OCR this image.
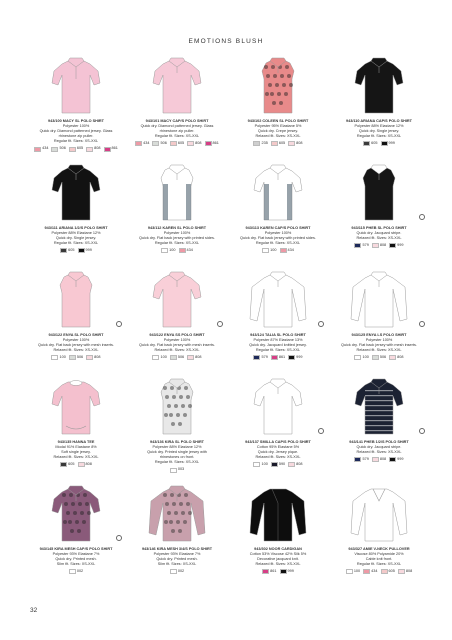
EMOTIONS BLUSH
943/100 MACY SL POLO SHIRT
Polyester 100%
Quick dry. Diamond patterned jersey. Glass
rhinestone zip puller.
Regular fit. Sizes: XS-XXL
434	506	605	808	861
943/101 MACY CAP/S POLO SHIRT
Quick dry. Diamond patterned jersey. Glass
rhinestone zip puller.
Regular fit. Sizes: XS-XXL
434	506	605	808	861
943/102 COLEEN SL POLO SHIRT
Polyester 95% Elastane 5%
Quick dry. Crepe jersey.
Relaxed fit. Sizes: XS-XXL
235	605	808
943/110 ARIANA CAP/S POLO SHIRT
Polyester 88% Elastane 12%
Quick dry. Single jersey.
Regular fit. Sizes: XS-XXL
605	999
943/111 ARIANA 1/2/S POLO SHIRT
Polyester 88% Elastane 12%
Quick dry. Single jersey.
Regular fit. Sizes: XS-XXL
605	999
943/112 KAREN SL POLO SHIRT
Polyester 100%
Quick dry. Flat back jersey with printed sides.
Regular fit. Sizes: XS-XXL
100	434
943/113 KAREN CAP/S POLO SHIRT
Polyester 100%
Quick dry. Flat back jersey with printed sides.
Regular fit. Sizes: XS-XXL
100	434
943/115 PHEB SL POLO SHIRT
Quick dry. Jacquard stripe.
Relaxed fit. Sizes: XS-XXL
579	808	999
943/122 ENYA SL POLO SHIRT
Polyester 100%
Quick dry. Flat back jersey with mesh inserts.
Relaxed fit. Sizes: XS-XXL
100	506	808
943/122 ENYA SS POLO SHIRT
Polyester 100%
Quick dry. Flat back jersey with mesh inserts.
Relaxed fit. Sizes: XS-XXL
100	506	808
943/124 TALIA SL POLO SHIRT
Polyester 87% Elastane 13%
Quick dry. Jacquard knitted jersey.
Regular fit. Sizes: XS-XXL
579	861	999
943/125 ENYA LS POLO SHIRT
Polyester 100%
Quick dry. Flat back jersey with mesh inserts.
Relaxed fit. Sizes: XS-XXL
100	506	808
943/135 HANNA TEE
Modal 91% Elastane 8%
Soft single jersey.
Relaxed fit. Sizes: XS-XXL
605	808
943/136 KIRA SL POLO SHIRT
Polyester 88% Elastane 12%
Quick dry. Printed single jersey with
rhinestones on front.
Regular fit. Sizes: XS-XXL
003
943/137 SMILLA CAP/S POLO SHIRT
Cotton 95% Elastane 5%
Quick dry. Jersey pique.
Relaxed fit. Sizes: XS-XXL
100	590	808
943/141 PHEB 1/2/S POLO SHIRT
Quick dry. Jacquard stripe.
Relaxed fit. Sizes: XS-XXL
579	808	999
943/145 KIRA MESH CAP/S POLO SHIRT
Polyester 93% Elastane 7%
Quick dry. Printed mesh.
Slim fit. Sizes: XS-XXL
002
943/146 KIRA MESH 3/4/S POLO SHIRT
Polyester 93% Elastane 7%
Quick dry. Printed mesh.
Slim fit. Sizes: XS-XXL
002
943/302 NOOR CARDIGAN
Cotton 53% Viscose 42% Silk 5%
Decorative jacquard knit.
Relaxed fit. Sizes: XS-XXL
861	999
943/327 AMIE V-NECK PULLOVER
Viscose 80% Polyamide 20%
Cable knit front.
Regular fit. Sizes: XS-XXL
100	434	605	808
32
